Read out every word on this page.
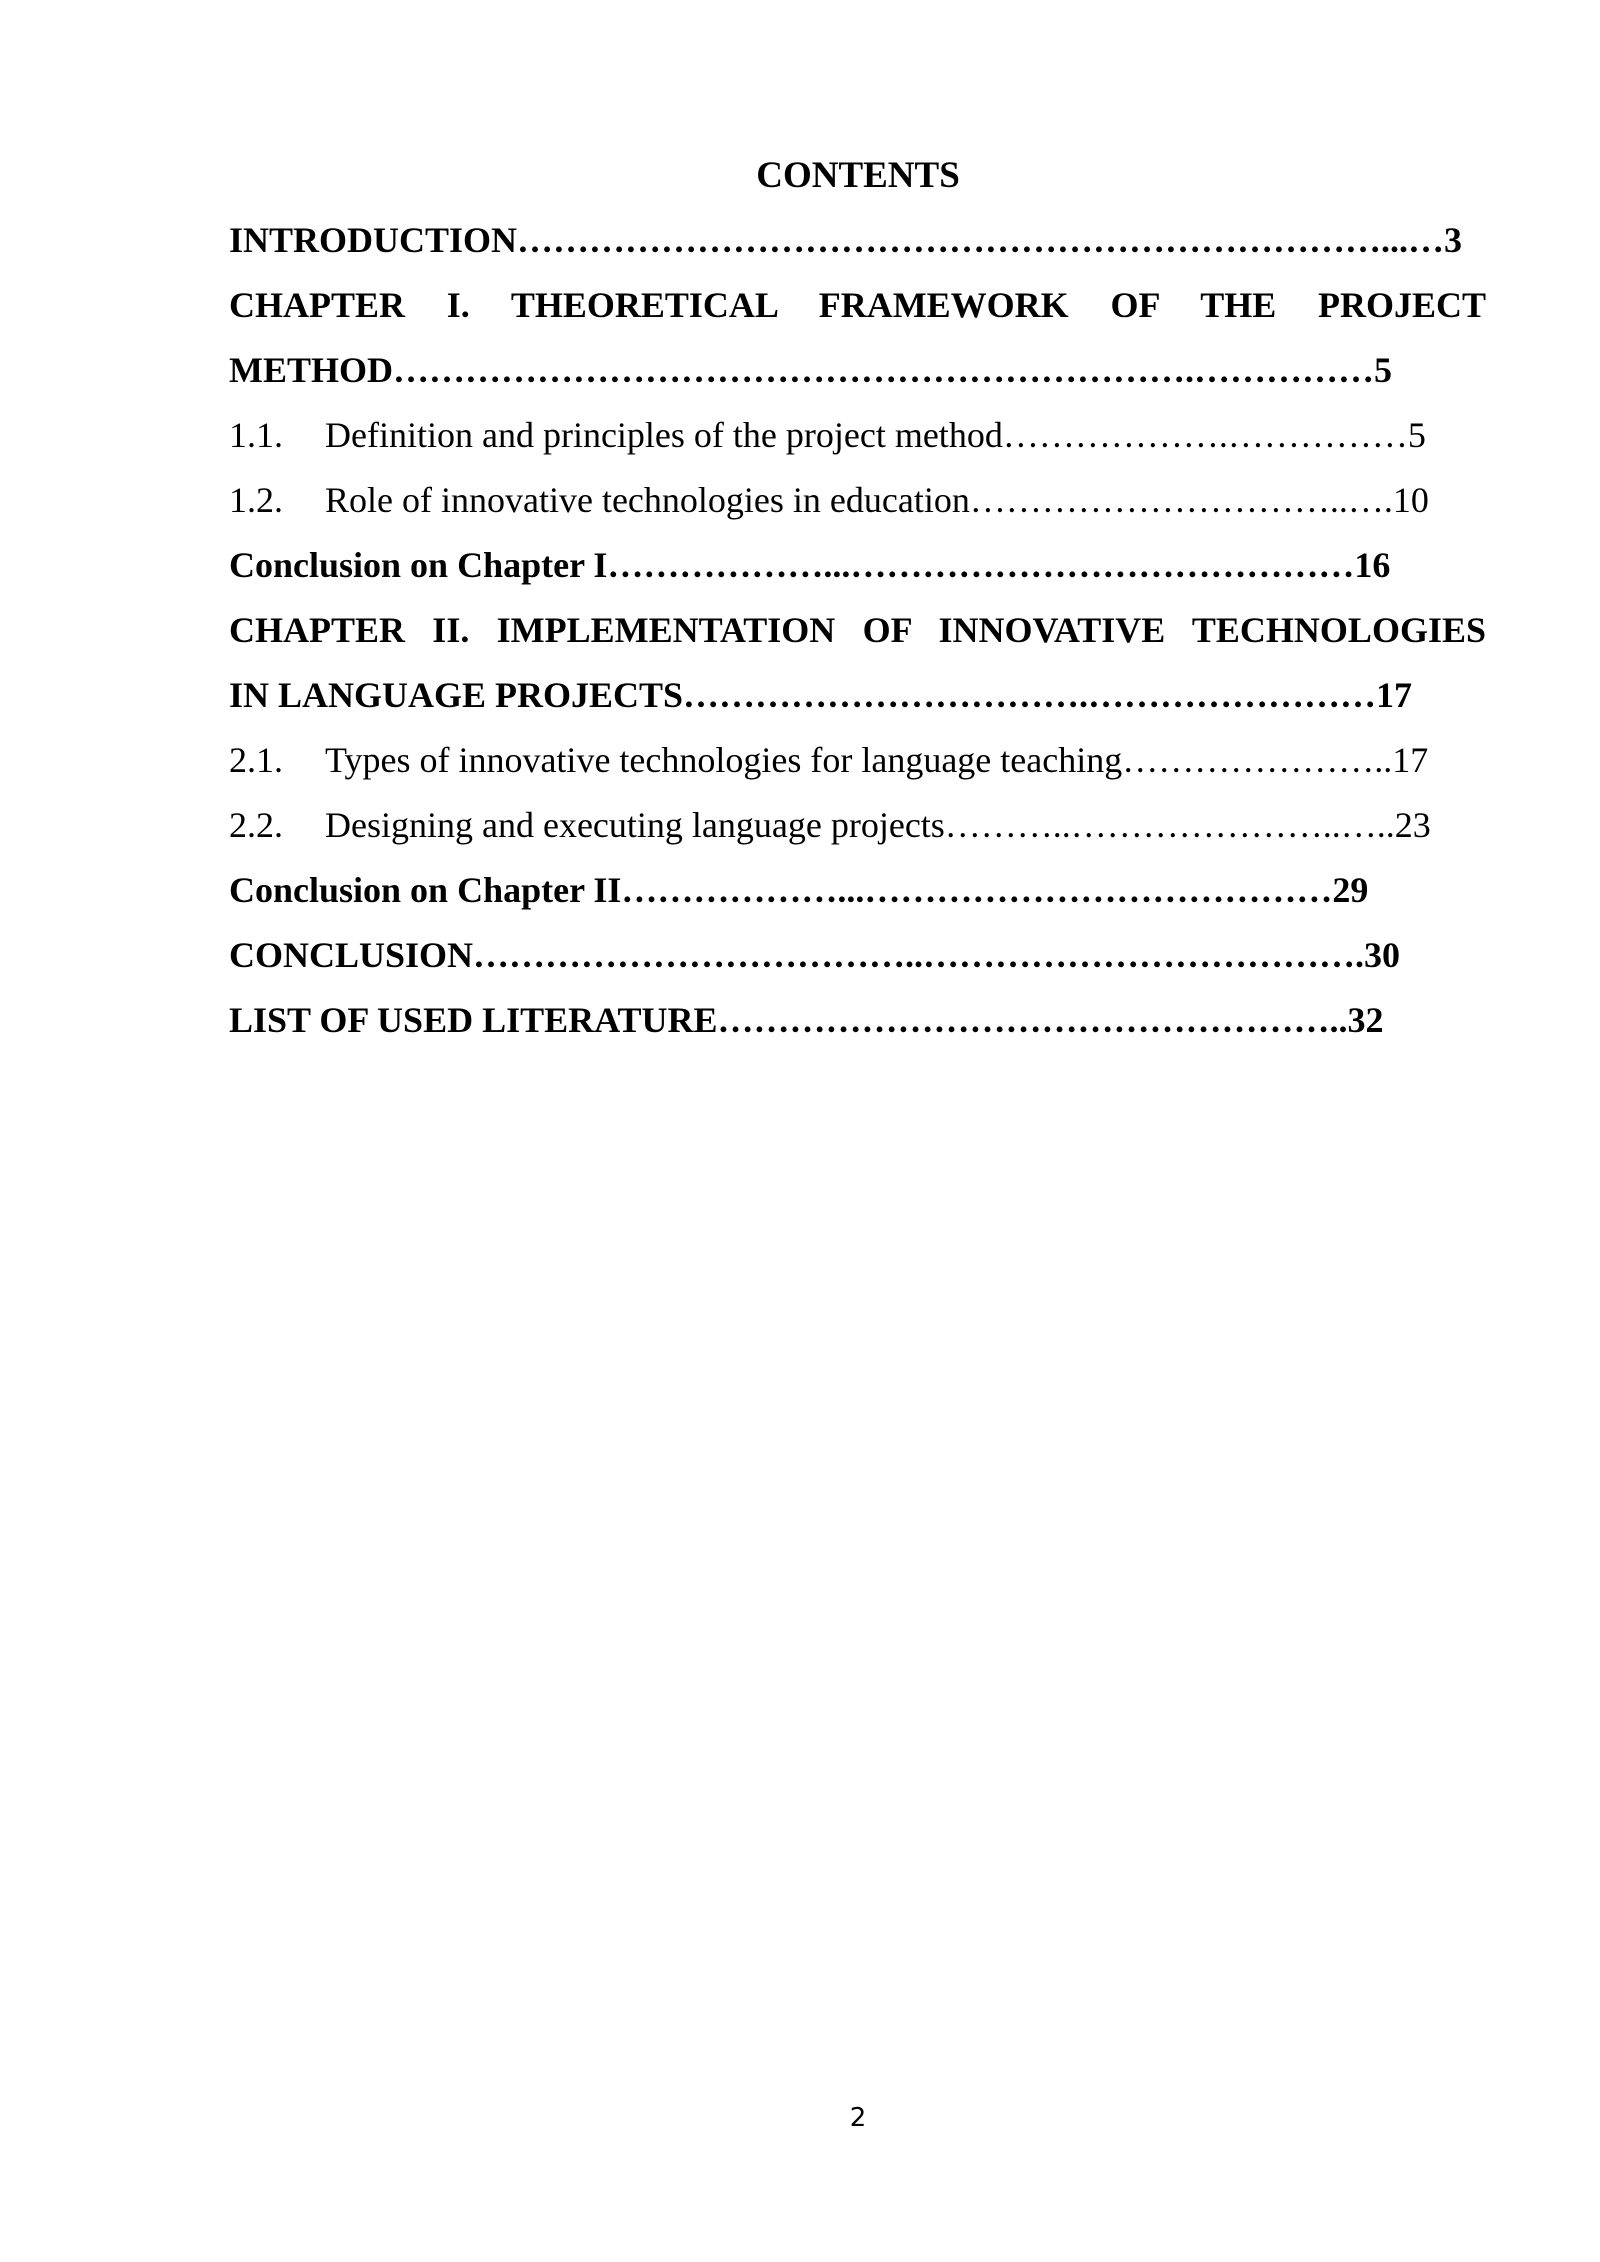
CONTENTS

INTRODUCTION………………………………………………………………...…3

CHAPTER I. THEORETICAL FRAMEWORK OF THE PROJECT

METHOD………………………………………………………….……………5

1.1. Definition and principles of the project method……………….……………5

1.2. Role of innovative technologies in education…………………………..….10

Conclusion on Chapter I………………...……………………………………16

CHAPTER II. IMPLEMENTATION OF INNOVATIVE TECHNOLOGIES

IN LANGUAGE PROJECTS…………………………….……………………17

2.1. Types of innovative technologies for language teaching…………………..17

2.2. Designing and executing language projects………..…………………..…..23

Conclusion on Chapter II………………...…………………………………29

CONCLUSION………………………………..……………………………….30

LIST OF USED LITERATURE……………………………………………..32

2
